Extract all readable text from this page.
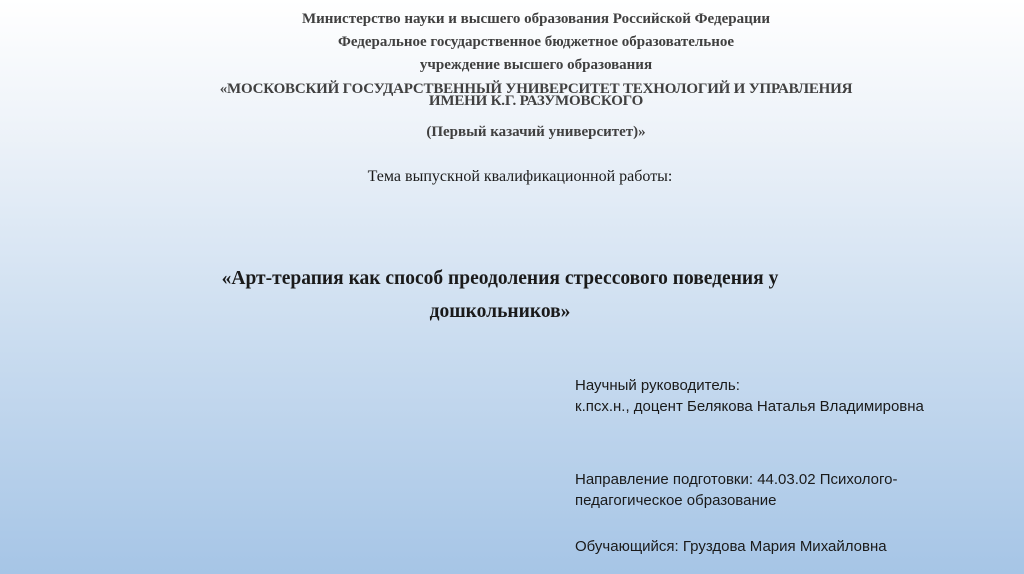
Министерство науки и высшего образования Российской Федерации
Федеральное государственное бюджетное образовательное
учреждение высшего образования
«МОСКОВСКИЙ ГОСУДАРСТВЕННЫЙ УНИВЕРСИТЕТ ТЕХНОЛОГИЙ И УПРАВЛЕНИЯ
ИМЕНИ К.Г. РАЗУМОВСКОГО
(Первый казачий университет)»
Тема выпускной квалификационной работы:
«Арт-терапия как способ преодоления стрессового поведения у
дошкольников»
Научный руководитель:
к.псх.н., доцент Белякова Наталья Владимировна
Направление подготовки: 44.03.02 Психолого-
педагогическое образование
Обучающийся: Груздова Мария Михайловна
